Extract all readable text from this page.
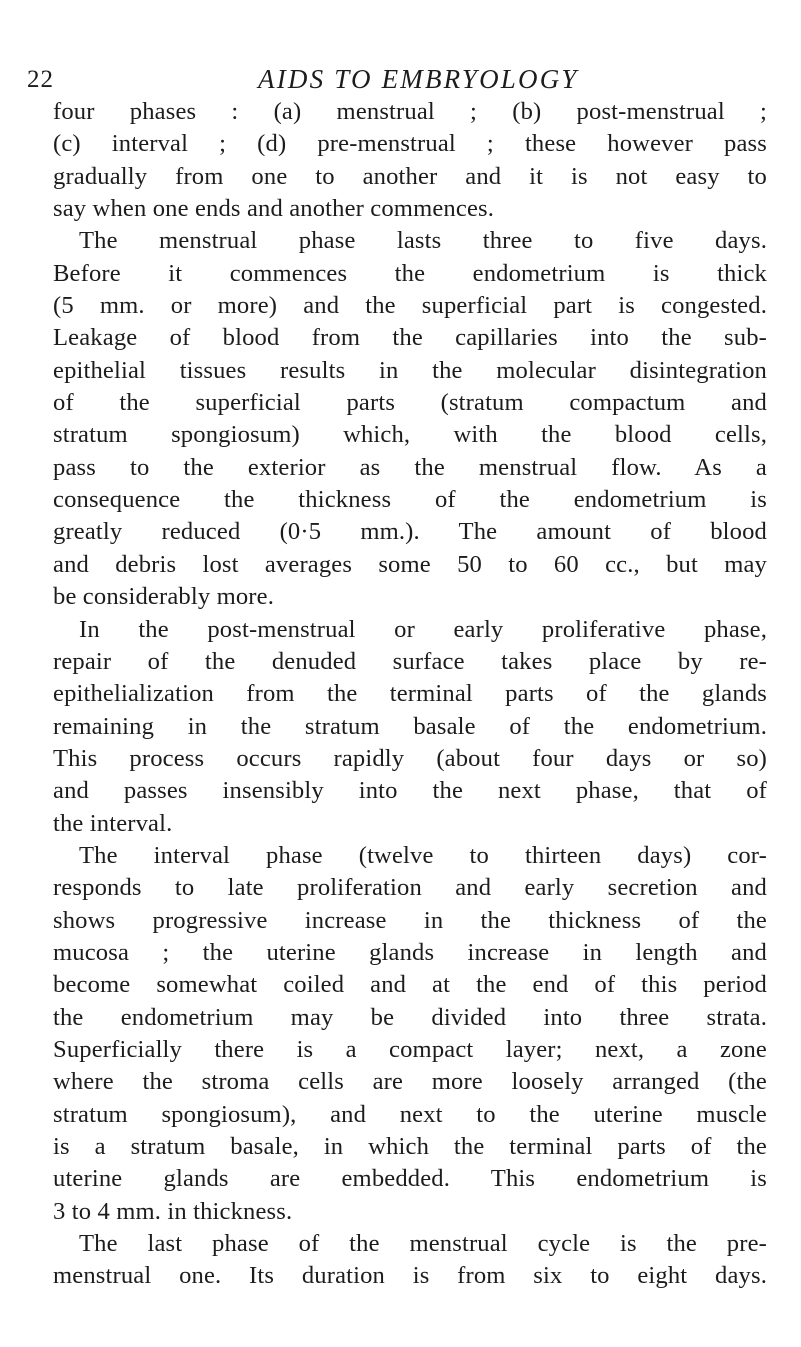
22	AIDS TO EMBRYOLOGY
four phases : (a) menstrual ; (b) post-menstrual ;
(c) interval ; (d) pre-menstrual ; these however pass
gradually from one to another and it is not easy to
say when one ends and another commences.
The menstrual phase lasts three to five days.
Before it commences the endometrium is thick
(5 mm. or more) and the superficial part is congested.
Leakage of blood from the capillaries into the sub-
epithelial tissues results in the molecular disintegration
of the superficial parts (stratum compactum and
stratum spongiosum) which, with the blood cells,
pass to the exterior as the menstrual flow. As a
consequence the thickness of the endometrium is
greatly reduced (0·5 mm.). The amount of blood
and debris lost averages some 50 to 60 cc., but may
be considerably more.
In the post-menstrual or early proliferative phase,
repair of the denuded surface takes place by re-
epithelialization from the terminal parts of the glands
remaining in the stratum basale of the endometrium.
This process occurs rapidly (about four days or so)
and passes insensibly into the next phase, that of
the interval.
The interval phase (twelve to thirteen days) cor-
responds to late proliferation and early secretion and
shows progressive increase in the thickness of the
mucosa ; the uterine glands increase in length and
become somewhat coiled and at the end of this period
the endometrium may be divided into three strata.
Superficially there is a compact layer; next, a zone
where the stroma cells are more loosely arranged (the
stratum spongiosum), and next to the uterine muscle
is a stratum basale, in which the terminal parts of the
uterine glands are embedded. This endometrium is
3 to 4 mm. in thickness.
The last phase of the menstrual cycle is the pre-
menstrual one. Its duration is from six to eight days.
